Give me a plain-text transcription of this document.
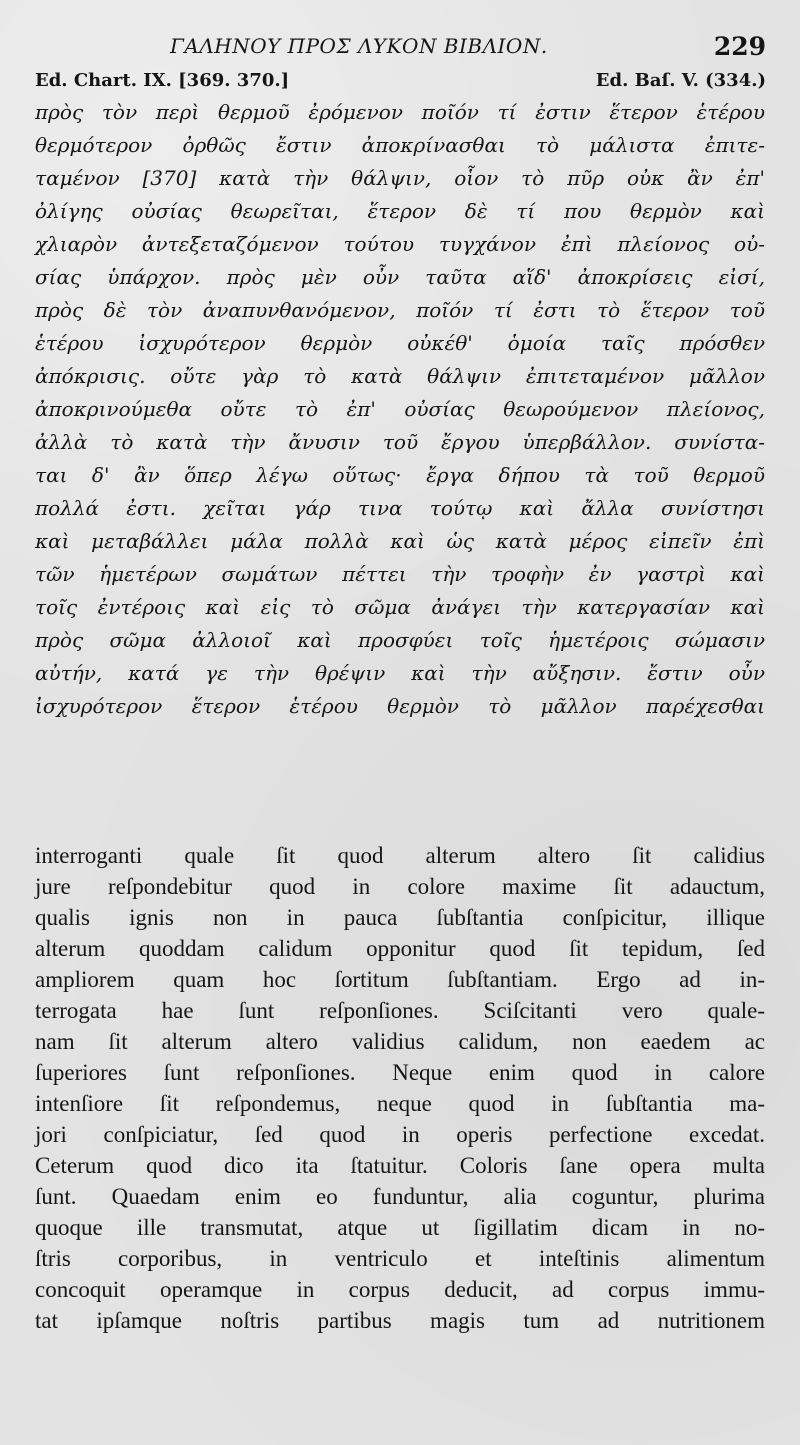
ΓΑΛΗΝΟΥ ΠΡΟΣ ΛΥΚΟΝ ΒΙΒΛΙΟΝ.	229
Ed. Chart. IX. [369. 370.]	Ed. Baſ. V. (334.)
πρὸς τὸν περὶ θερμοῦ ἐρόμενον ποῖόν τί ἐστιν ἕτερον ἑτέρου
θερμότερον ὀρθῶς ἔστιν ἀποκρίνασθαι τὸ μάλιστα ἐπιτε-
ταμένον [370] κατὰ τὴν θάλψιν, οἷον τὸ πῦρ οὐκ ἂν ἐπ'
ὀλίγης οὐσίας θεωρεῖται, ἕτερον δὲ τί που θερμὸν καὶ
χλιαρὸν ἀντεξεταζόμενον τούτου τυγχάνον ἐπὶ πλείονος οὐ-
σίας ὑπάρχον. πρὸς μὲν οὖν ταῦτα αἵδ' ἀποκρίσεις εἰσί,
πρὸς δὲ τὸν ἀναπυνθανόμενον, ποῖόν τί ἐστι τὸ ἕτερον τοῦ
ἑτέρου ἰσχυρότερον θερμὸν οὐκέθ' ὁμοία ταῖς πρόσθεν
ἀπόκρισις. οὔτε γὰρ τὸ κατὰ θάλψιν ἐπιτεταμένον μᾶλλον
ἀποκρινούμεθα οὔτε τὸ ἐπ' οὐσίας θεωρούμενον πλείονος,
ἀλλὰ τὸ κατὰ τὴν ἄνυσιν τοῦ ἔργου ὑπερβάλλον. συνίστα-
ται δ' ἂν ὅπερ λέγω οὕτως· ἔργα δήπου τὰ τοῦ θερμοῦ
πολλά ἐστι. χεῖται γάρ τινα τούτῳ καὶ ἄλλα συνίστησι
καὶ μεταβάλλει μάλα πολλὰ καὶ ὡς κατὰ μέρος εἰπεῖν ἐπὶ
τῶν ἡμετέρων σωμάτων πέττει τὴν τροφὴν ἐν γαστρὶ καὶ
τοῖς ἐντέροις καὶ εἰς τὸ σῶμα ἀνάγει τὴν κατεργασίαν καὶ
πρὸς σῶμα ἀλλοιοῖ καὶ προσφύει τοῖς ἡμετέροις σώμασιν
αὐτήν, κατά γε τὴν θρέψιν καὶ τὴν αὔξησιν. ἔστιν οὖν
ἰσχυρότερον ἕτερον ἑτέρου θερμὸν τὸ μᾶλλον παρέχεσθαι
interroganti quale ſit quod alterum altero ſit calidius
jure reſpondebitur quod in colore maxime ſit adauctum,
qualis ignis non in pauca ſubſtantia conſpicitur, illique
alterum quoddam calidum opponitur quod ſit tepidum, ſed
ampliorem quam hoc ſortitum ſubſtantiam. Ergo ad in-
terrogata hae ſunt reſponſiones. Sciſcitanti vero quale-
nam ſit alterum altero validius calidum, non eaedem ac
ſuperiores ſunt reſponſiones. Neque enim quod in calore
intenſiore ſit reſpondemus, neque quod in ſubſtantia ma-
jori conſpiciatur, ſed quod in operis perfectione excedat.
Ceterum quod dico ita ſtatuitur. Coloris ſane opera multa
ſunt. Quaedam enim eo funduntur, alia coguntur, plurima
quoque ille transmutat, atque ut ſigillatim dicam in no-
ſtris corporibus, in ventriculo et inteſtinis alimentum
concoquit operamque in corpus deducit, ad corpus immu-
tat ipſamque noſtris partibus magis tum ad nutritionem
